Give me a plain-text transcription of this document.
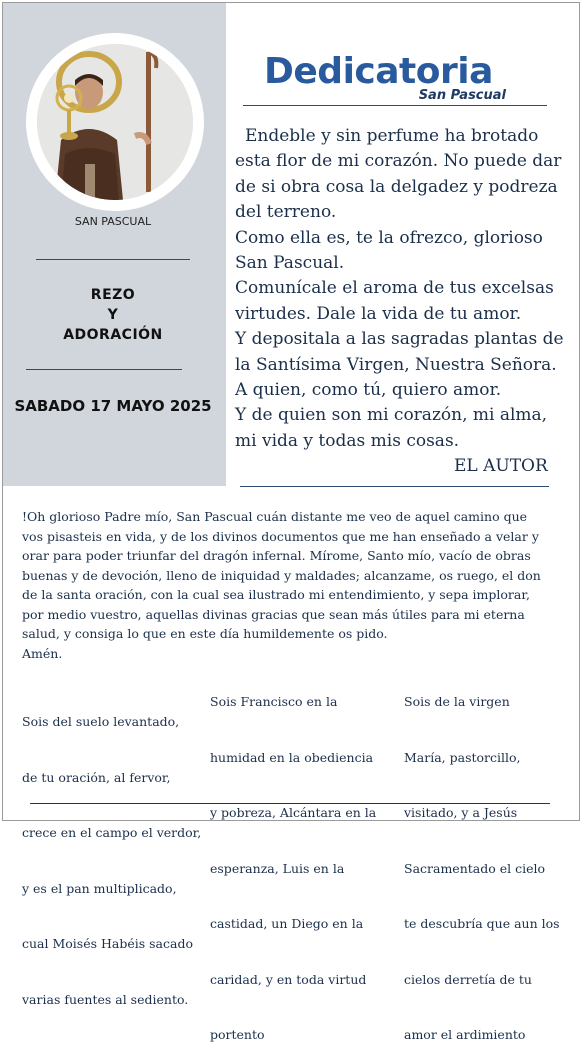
SAN PASCUAL
REZO
Y
ADORACIÓN
SABADO 17 MAYO 2025
Dedicatoria
San Pascual
Endeble y sin perfume ha brotado
esta flor de mi corazón. No puede dar
de si obra cosa la delgadez y podreza
del terreno.
Como ella es, te la ofrezco, glorioso
San Pascual.
Comunícale el aroma de tus excelsas
virtudes. Dale la vida de tu amor.
Y depositala a las sagradas plantas de
la Santísima Virgen, Nuestra Señora.
A quien, como tú, quiero amor.
Y de quien son mi corazón, mi alma,
mi vida y todas mis cosas.
EL AUTOR
!Oh glorioso Padre mío, San Pascual cuán distante me veo de aquel camino que
vos pisasteis en vida, y de los divinos documentos que me han enseñado a velar y
orar para poder triunfar del dragón infernal. Mírome, Santo mío, vacío de obras
buenas y de devoción, lleno de iniquidad y maldades; alcanzame, os ruego, el don
de la santa oración, con la cual sea ilustrado mi entendimiento, y sepa implorar,
por medio vuestro, aquellas divinas gracias que sean más útiles para mi eterna
salud, y consiga lo que en este día humildemente os pido.
Amén.

Sois del suelo levantado,

de tu oración, al fervor,

crece en el campo el verdor,

y es el pan multiplicado,

cual Moisés Habéis sacado

varias fuentes al sediento.

Sois Francisco en la

humidad en la obediencia

y pobreza, Alcántara en la

esperanza, Luis en la

castidad, un Diego en la

caridad, y en toda virtud

portento

Sois de la virgen

María, pastorcillo,

visitado, y a Jesús

Sacramentado el cielo

te descubría que aun los

cielos derretía de tu

amor el ardimiento
